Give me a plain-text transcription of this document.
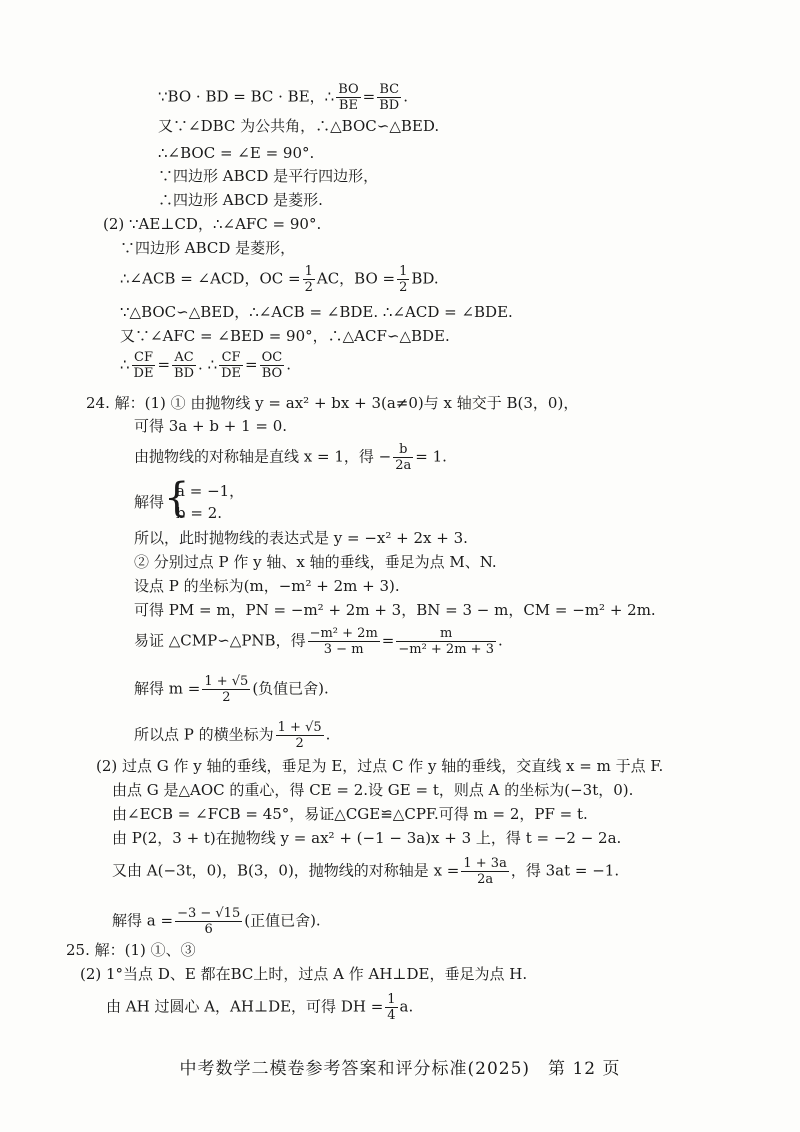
∵BO · BD = BC · BE，∴ $\frac{BO}{BE} = \frac{BC}{BD}$ .
又∵∠DBC 为公共角，∴△BOC∽△BED.
∴∠BOC = ∠E = 90°.
∵四边形 ABCD 是平行四边形，
∴四边形 ABCD 是菱形.
(2) ∵AE⊥CD，∴∠AFC = 90°.
∵四边形 ABCD 是菱形，
∴∠ACB = ∠ACD，OC = $\frac{1}{2}$ AC，BO = $\frac{1}{2}$ BD.
∵△BOC∽△BED，∴∠ACB = ∠BDE. ∴∠ACD = ∠BDE.
又∵∠AFC = ∠BED = 90°，∴△ACF∽△BDE.
∴ $\frac{CF}{DE} = \frac{AC}{BD}$ . ∴ $\frac{CF}{DE} = \frac{OC}{BO}$ .
24. 解：(1) ① 由抛物线 y = ax² + bx + 3(a≠0)与 x 轴交于 B(3，0)，
可得 3a + b + 1 = 0.
由抛物线的对称轴是直线 x = 1，得 − $\frac{b}{2a} = 1$.
解得 {
a = −1，
b = 2.
所以，此时抛物线的表达式是 y = −x² + 2x + 3.
② 分别过点 P 作 y 轴、x 轴的垂线，垂足为点 M、N.
设点 P 的坐标为(m，−m² + 2m + 3).
可得 PM = m，PN = −m² + 2m + 3，BN = 3 − m，CM = −m² + 2m.
易证 △CMP∽△PNB，得 $\frac{\text{−m² + 2m}}{3 - m} = \frac{m}{\text{−m² + 2m + 3}}$ .
解得 $m = \frac{1 + √5}{2}$ (负值已舍).
所以点 P 的横坐标为 $\frac{1 + √5}{2}$ .
(2) 过点 G 作 y 轴的垂线，垂足为 E，过点 C 作 y 轴的垂线，交直线 x = m 于点 F.
由点 G 是△AOC 的重心，得 CE = 2.设 GE = t，则点 A 的坐标为(−3t，0).
由∠ECB = ∠FCB = 45°，易证△CGE≌△CPF.可得 m = 2，PF = t.
由 P(2，3 + t)在抛物线 y = ax² + (−1 − 3a)x + 3 上，得 t = −2 − 2a.
又由 A(−3t，0)，B(3，0)，抛物线的对称轴是 $x = \frac{1 + 3a}{2a}$ ，得 3at = −1.
解得 $a = \frac{-3 - √15}{6}$ (正值已舍).
25. 解：(1) ①、③
(2) 1°当点 D、E 都在BC上时，过点 A 作 AH⊥DE，垂足为点 H.
由 AH 过圆心 A，AH⊥DE，可得 DH = $\frac{1}{4} a$.
中考数学二模卷参考答案和评分标准(2025)　第 12 页
